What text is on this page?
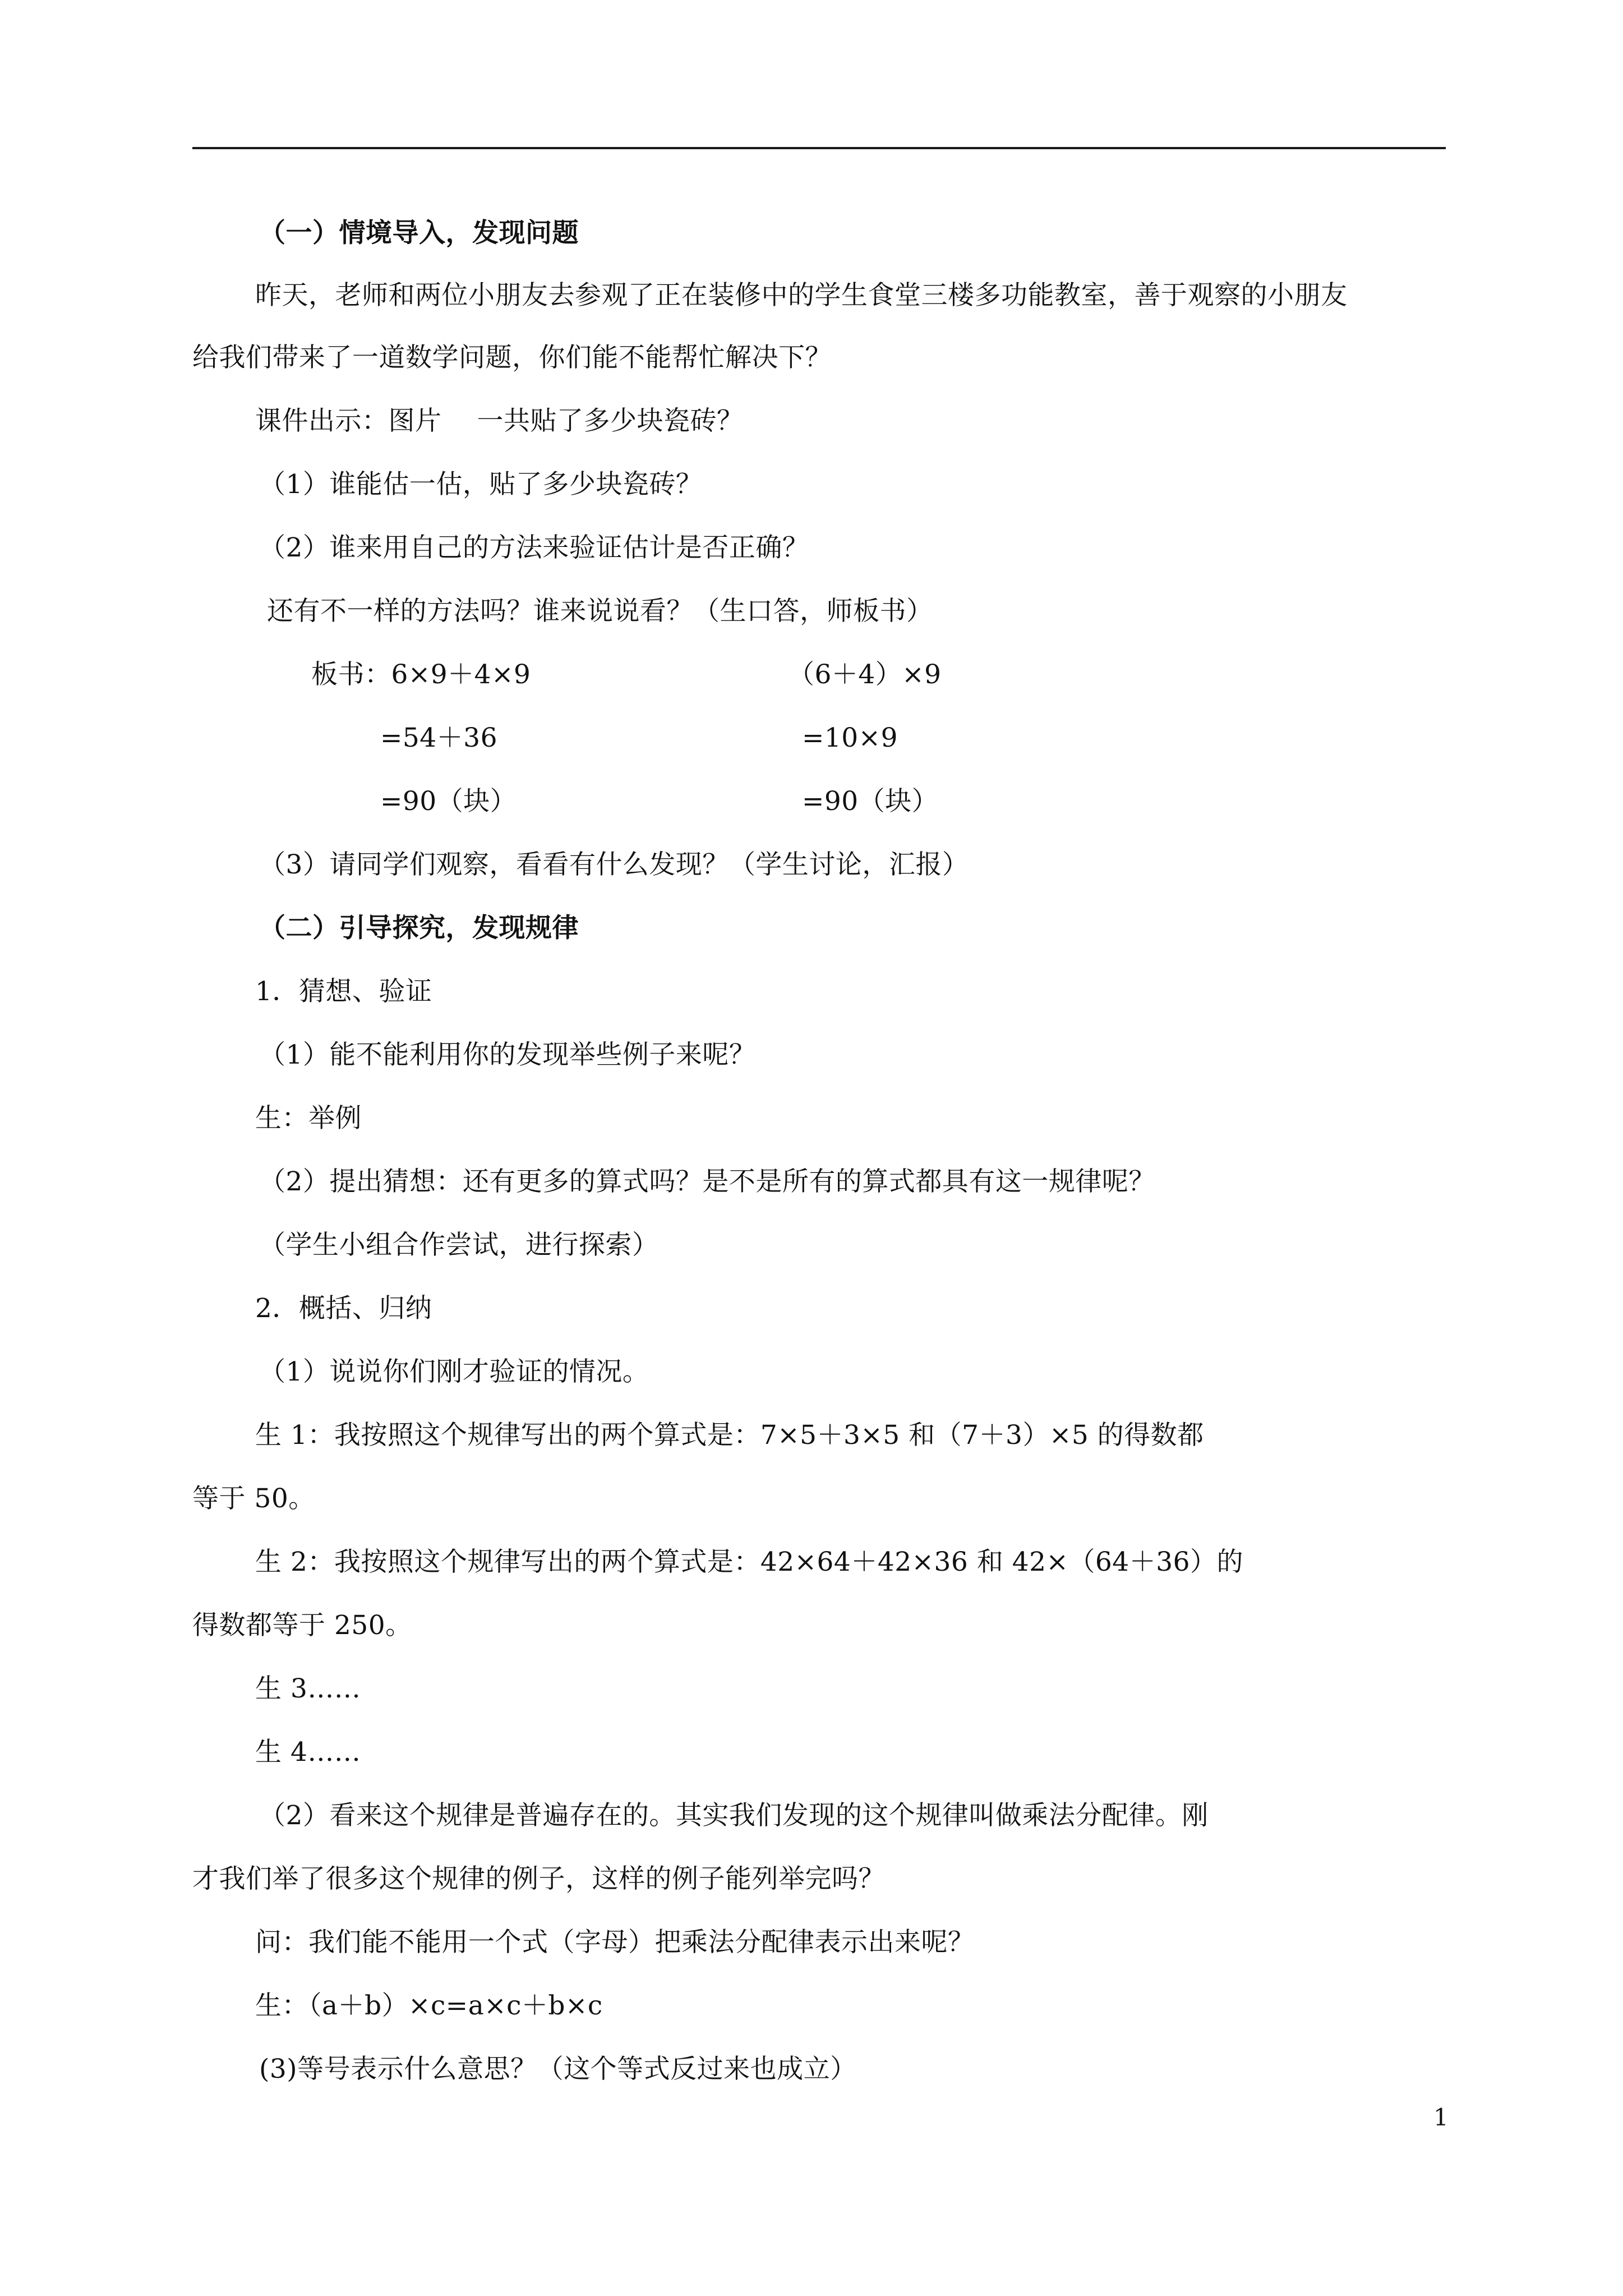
（一）情境导入，发现问题
昨天，老师和两位小朋友去参观了正在装修中的学生食堂三楼多功能教室，善于观察的小朋友
给我们带来了一道数学问题，你们能不能帮忙解决下？
课件出示：图片　 一共贴了多少块瓷砖？
（1）谁能估一估，贴了多少块瓷砖？
（2）谁来用自己的方法来验证估计是否正确？
还有不一样的方法吗？谁来说说看？（生口答，师板书）
板书：6×9＋4×9
=54＋36
=90（块）
（6＋4）×9
=10×9
=90（块）
（3）请同学们观察，看看有什么发现？（学生讨论，汇报）
（二）引导探究，发现规律
1．猜想、验证
（1）能不能利用你的发现举些例子来呢？
生：举例
（2）提出猜想：还有更多的算式吗？是不是所有的算式都具有这一规律呢？
（学生小组合作尝试，进行探索）
2．概括、归纳
（1）说说你们刚才验证的情况。
生 1：我按照这个规律写出的两个算式是：7×5＋3×5 和（7＋3）×5 的得数都
等于 50。
生 2：我按照这个规律写出的两个算式是：42×64＋42×36 和 42×（64＋36）的
得数都等于 250。
生 3……
生 4……
（2）看来这个规律是普遍存在的。其实我们发现的这个规律叫做乘法分配律。刚
才我们举了很多这个规律的例子，这样的例子能列举完吗？
问：我们能不能用一个式（字母）把乘法分配律表示出来呢？
生：（a＋b）×c=a×c＋b×c
(3)等号表示什么意思？（这个等式反过来也成立）
1
